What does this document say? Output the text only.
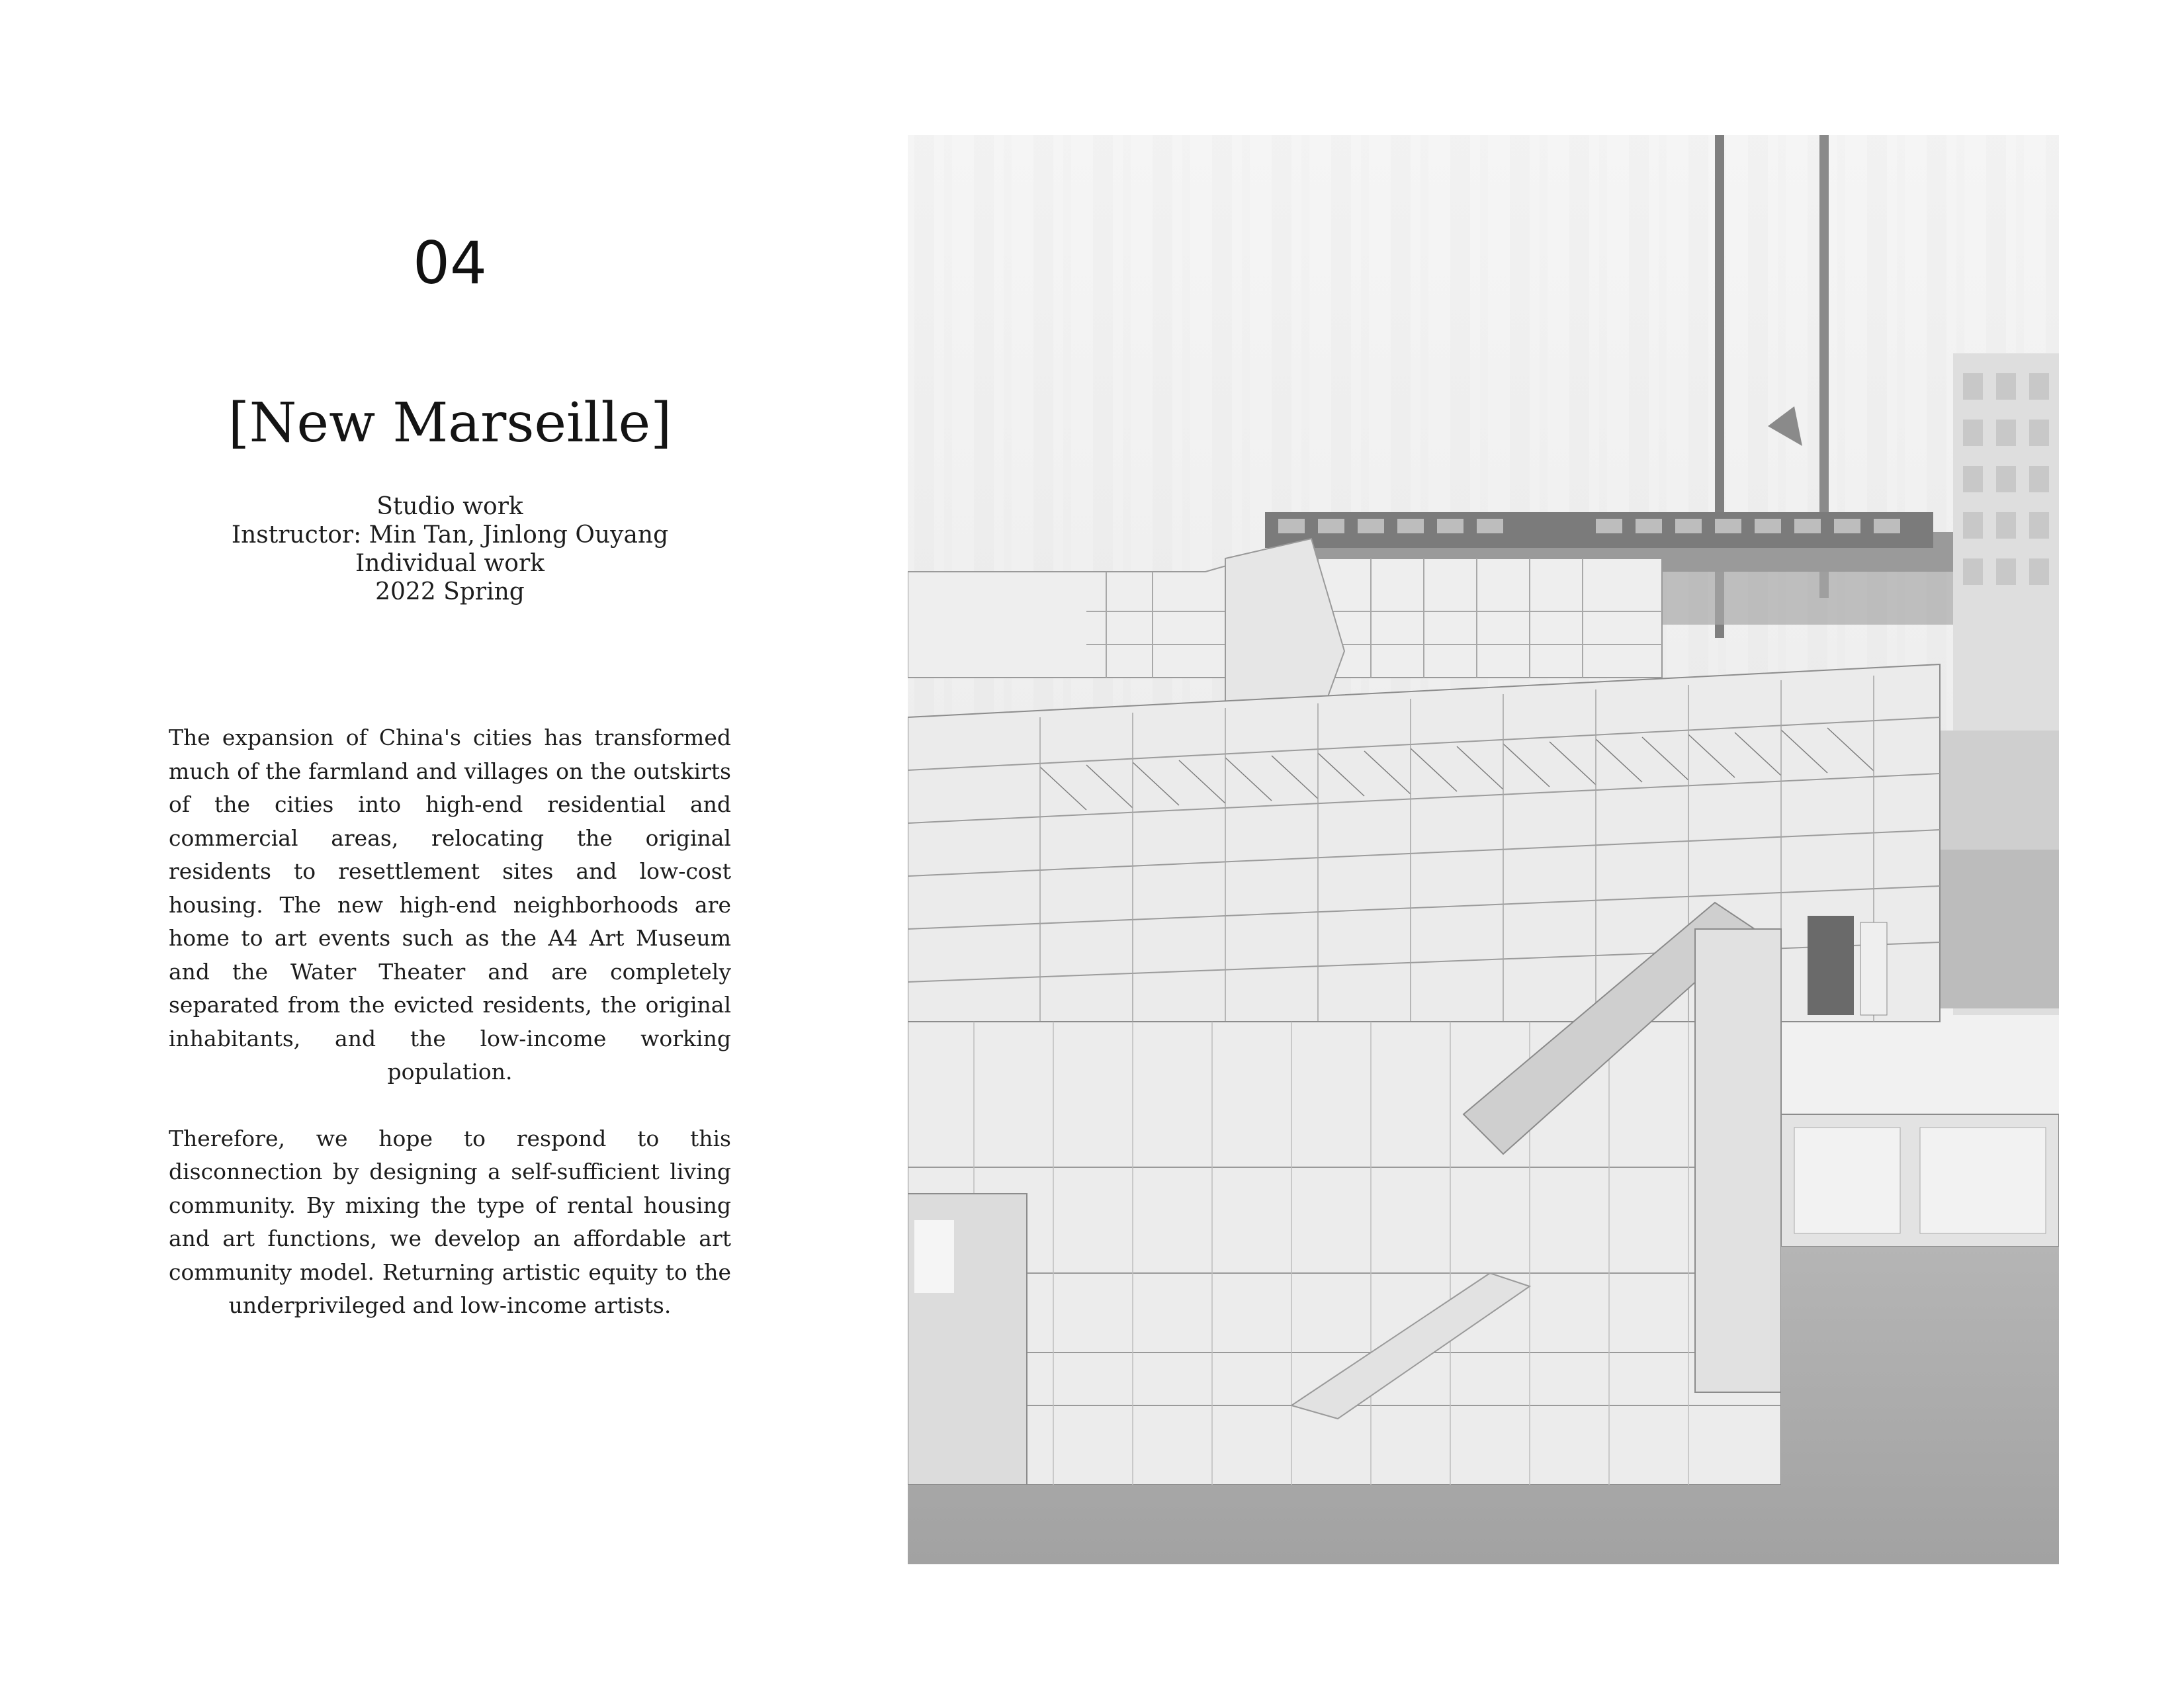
04
[New Marseille]
Studio work
Instructor: Min Tan, Jinlong Ouyang
Individual work
2022 Spring

The expansion of China's cities has transformed much of the farmland and villages on the outskirts of the cities into high-end residential and commercial areas, relocating the original residents to resettlement sites and low-cost housing. The new high-end neighborhoods are home to art events such as the A4 Art Museum and the Water Theater and are completely separated from the evicted residents, the original inhabitants, and the low-income working population.

Therefore, we hope to respond to this disconnection by designing a self-sufficient living community. By mixing the type of rental housing and art functions, we develop an affordable art community model. Returning artistic equity to the underprivileged and low-income artists.
